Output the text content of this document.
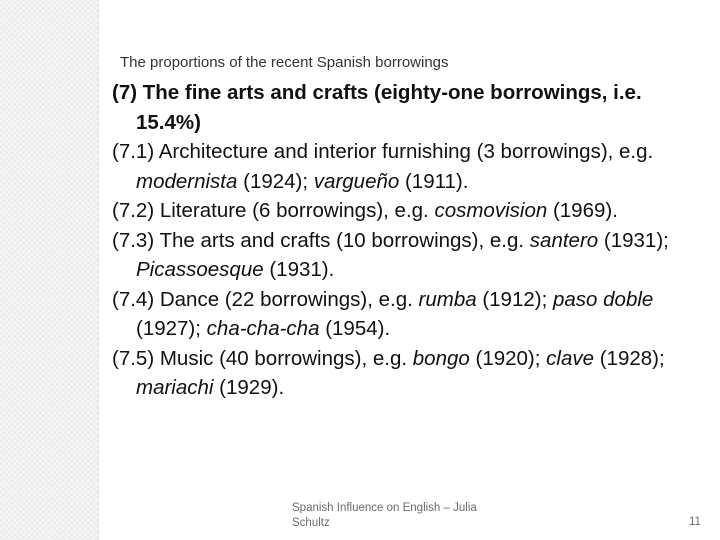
The proportions of the recent Spanish borrowings

(7) The fine arts and crafts (eighty-one borrowings, i.e. 15.4%)

(7.1) Architecture and interior furnishing (3 borrowings), e.g. modernista (1924); vargueño (1911).

(7.2) Literature (6 borrowings), e.g. cosmovision (1969).

(7.3) The arts and crafts (10 borrowings), e.g. santero (1931); Picassoesque (1931).

(7.4) Dance (22 borrowings), e.g. rumba (1912); paso doble (1927); cha-cha-cha (1954).

(7.5) Music (40 borrowings), e.g. bongo (1920); clave (1928); mariachi (1929).

Spanish Influence on English – Julia Schultz	11
